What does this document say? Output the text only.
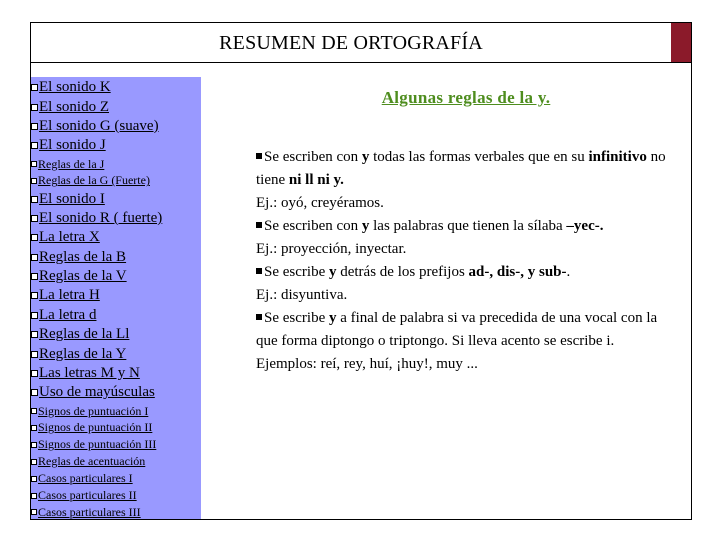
RESUMEN DE ORTOGRAFÍA
El sonido K
El sonido Z
El sonido G (suave)
El sonido J
Reglas de la J
Reglas de la G (Fuerte)
El sonido I
El sonido R ( fuerte)
La letra X
Reglas de la B
Reglas de la V
La letra H
La letra d
Reglas de la Ll
Reglas de la Y
Las letras M y N
Uso de mayúsculas
Signos de puntuación I
Signos de puntuación II
Signos de puntuación III
Reglas de acentuación
Casos particulares I
Casos particulares II
Casos particulares III
Algunas reglas de la y.

Se escriben con y todas las formas verbales que en su infinitivo no tiene ni ll ni y.

Ej.: oyó, creyéramos.

Se escriben con y las palabras que tienen la sílaba –yec-.

Ej.: proyección, inyectar.

Se escribe y detrás de los prefijos ad-, dis-, y sub-.

Ej.: disyuntiva.

Se escribe y a final de palabra si va precedida de una vocal con la que forma diptongo o triptongo. Si lleva acento se escribe i. Ejemplos: reí, rey, huí, ¡huy!, muy ...
